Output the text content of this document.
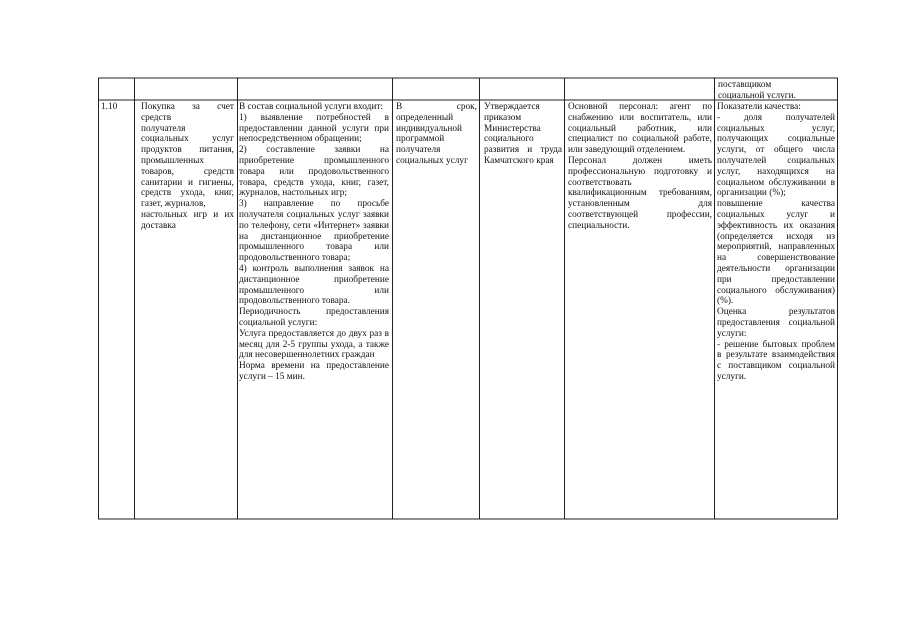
поставщиком
социальной услуги.
1.10	Покупка за счет средств
получателя социальных услуг продуктов питания, промышленных товаров, средств санитарии и гигиены, средств ухода, книг, газет, журналов,
настольных игр и их доставка
В состав социальной услуги входит:
1) выявление потребностей в предоставлении данной услуги при непосредственном обращении;
2) составление заявки на приобретение промышленного товара или продовольственного товара, средств ухода, книг, газет, журналов, настольных игр;
3) направление по просьбе получателя социальных услуг заявки по телефону, сети «Интернет» заявки на дистанционное приобретение промышленного товара или продовольственного товара;
4) контроль выполнения заявок на дистанционное приобретение промышленного или продовольственного товара.
Периодичность предоставления социальной услуги:
Услуга предоставляется до двух раз в месяц для 2-5 группы ухода, а также для несовершеннолетних граждан
Норма времени на предоставление услуги – 15 мин.
В срок, определенный индивидуальной программой получателя социальных услуг
Утверждается приказом Министерства социального развития и труда Камчатского края
Основной персонал: агент по снабжению или воспитатель, или социальный работник, или специалист по социальной работе, или заведующий отделением.
Персонал должен иметь профессиональную подготовку и соответствовать квалификационным требованиям, установленным для соответствующей профессии, специальности.
Показатели качества:
- доля получателей социальных услуг, получающих социальные услуги, от общего числа получателей социальных услуг, находящихся на социальном обслуживании в организации (%);
повышение качества социальных услуг и эффективность их оказания (определяется исходя из мероприятий, направленных на совершенствование деятельности организации при предоставлении социального обслуживания) (%).
Оценка результатов предоставления социальной услуги:
- решение бытовых проблем в результате взаимодействия с поставщиком социальной услуги.
